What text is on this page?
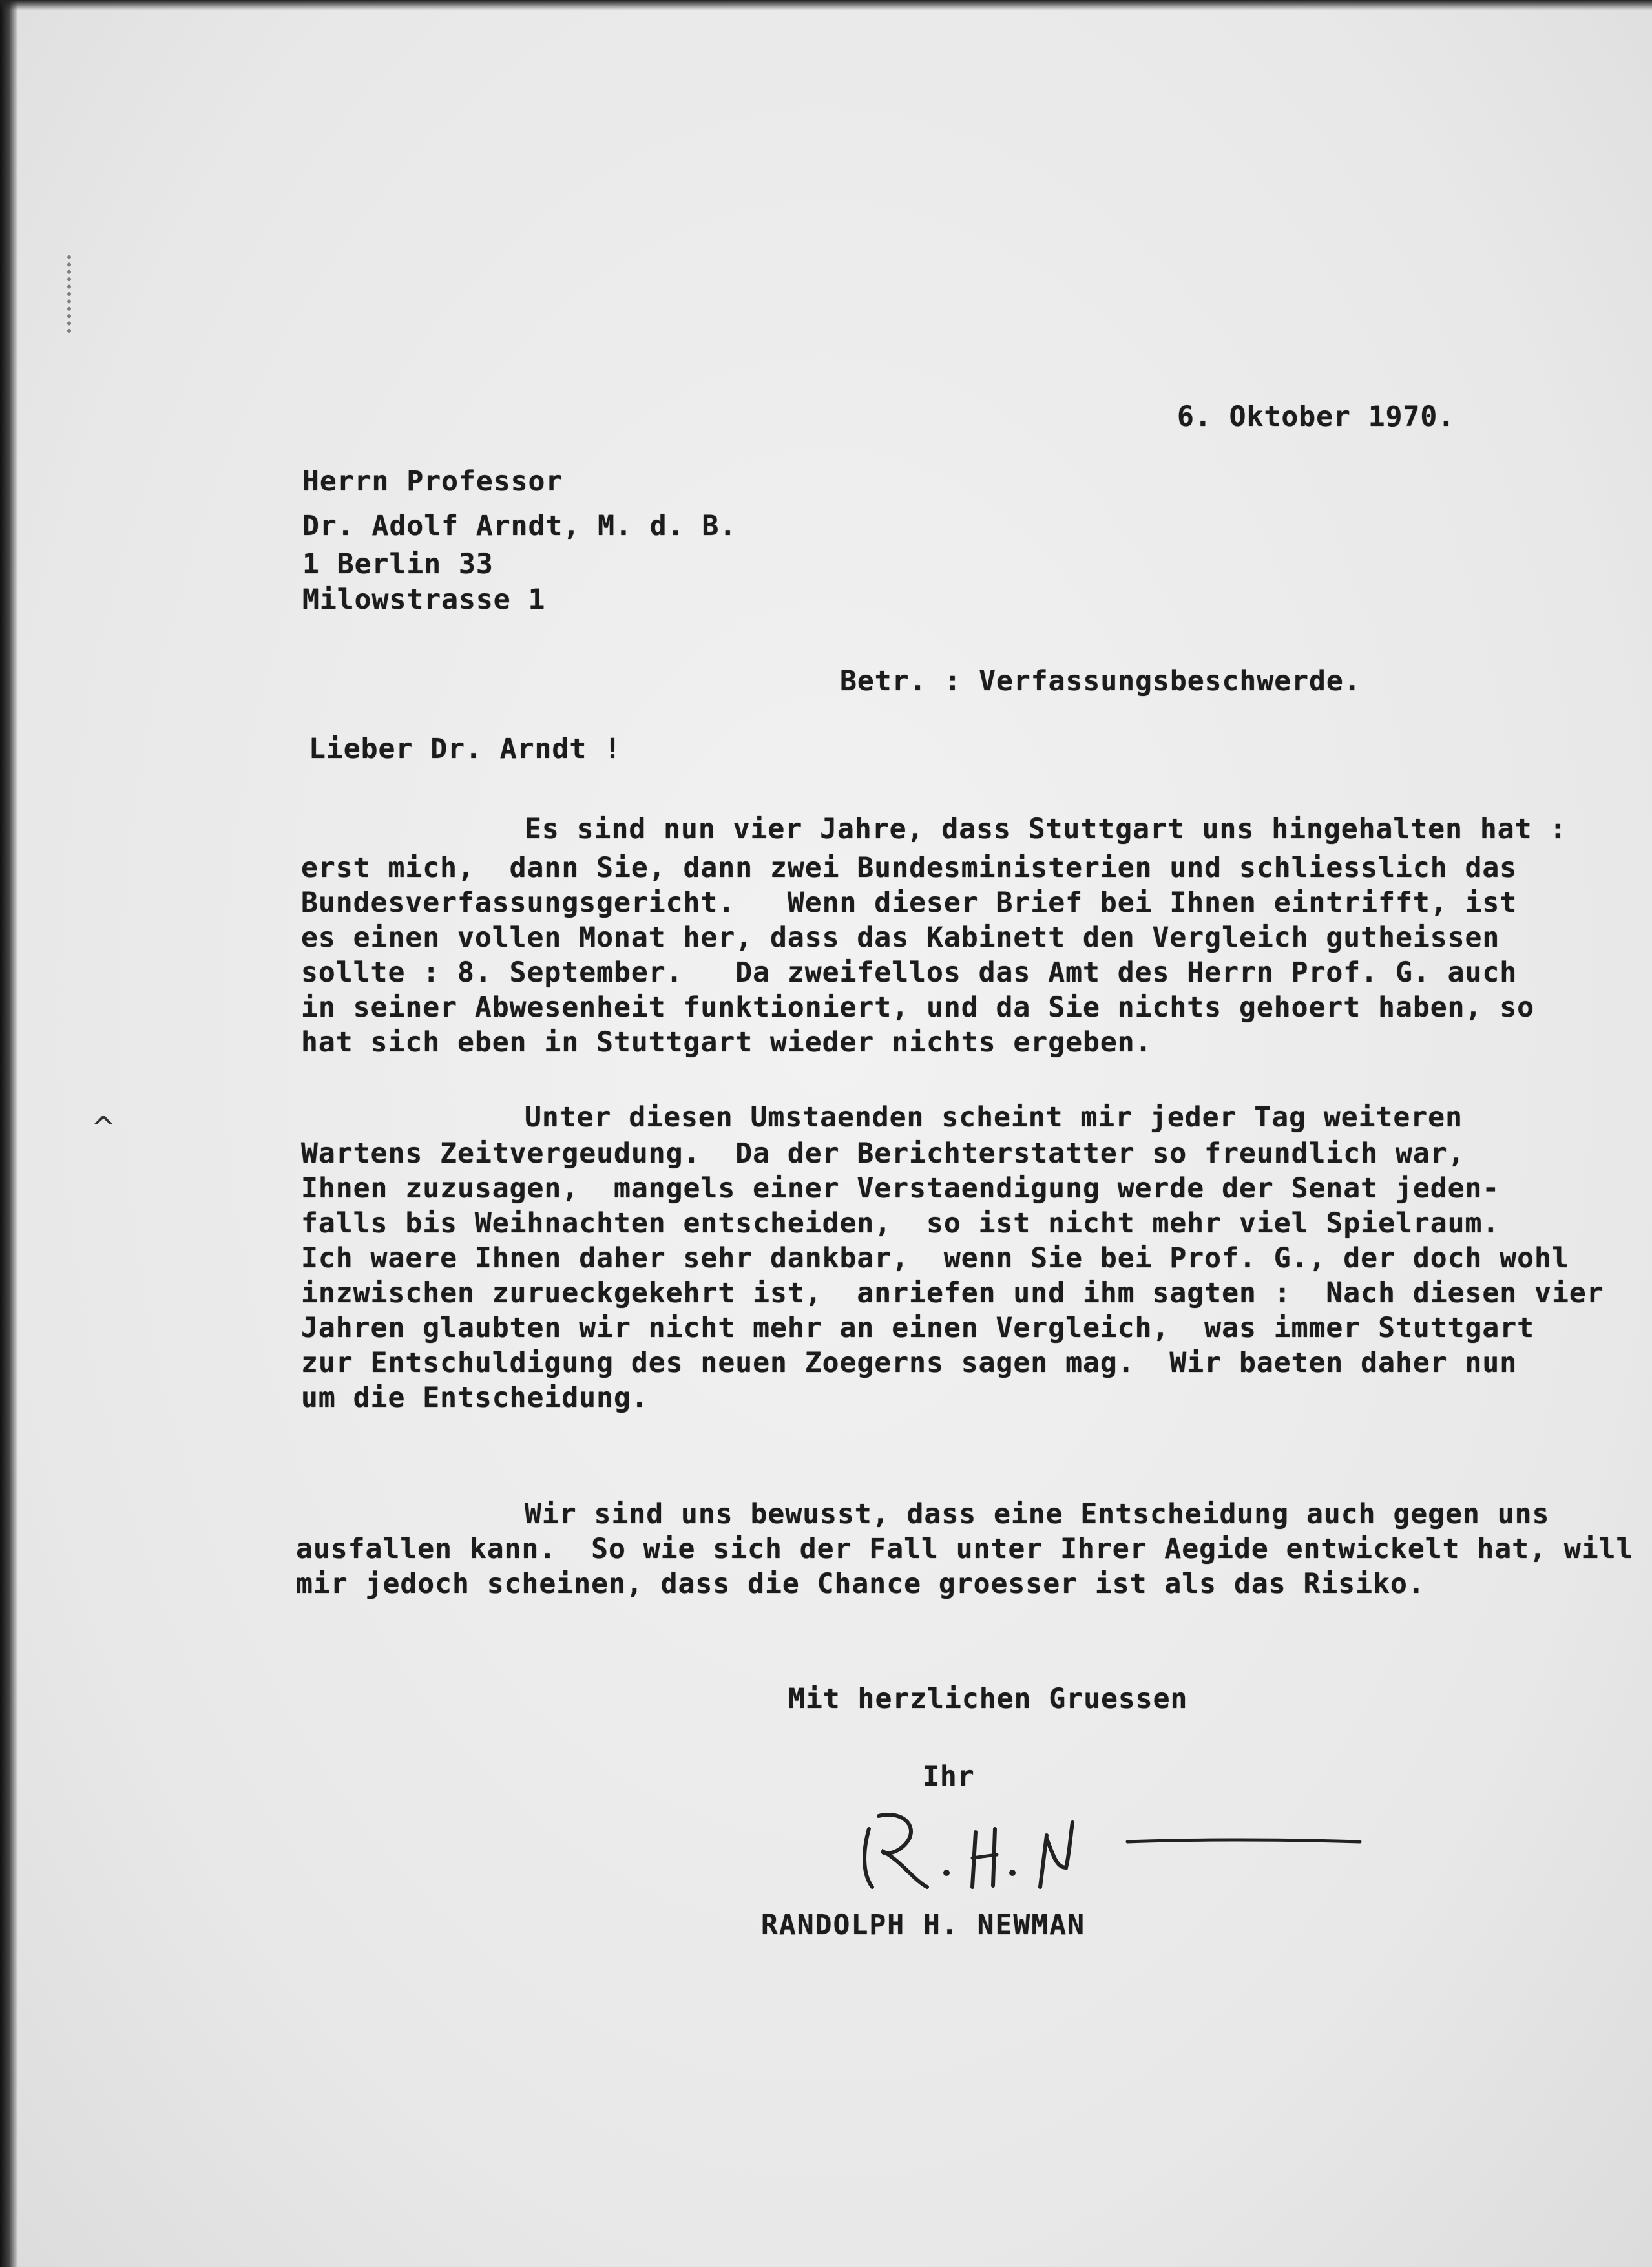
^
6. Oktober 1970.
Herrn Professor
Dr. Adolf Arndt, M. d. B.
1 Berlin 33
Milowstrasse 1
Betr. : Verfassungsbeschwerde.
Lieber Dr. Arndt !
Es sind nun vier Jahre, dass Stuttgart uns hingehalten hat :
erst mich,  dann Sie, dann zwei Bundesministerien und schliesslich das
Bundesverfassungsgericht.   Wenn dieser Brief bei Ihnen eintrifft, ist
es einen vollen Monat her, dass das Kabinett den Vergleich gutheissen
sollte : 8. September.   Da zweifellos das Amt des Herrn Prof. G. auch
in seiner Abwesenheit funktioniert, und da Sie nichts gehoert haben, so
hat sich eben in Stuttgart wieder nichts ergeben.
Unter diesen Umstaenden scheint mir jeder Tag weiteren
Wartens Zeitvergeudung.  Da der Berichterstatter so freundlich war,
Ihnen zuzusagen,  mangels einer Verstaendigung werde der Senat jeden-
falls bis Weihnachten entscheiden,  so ist nicht mehr viel Spielraum.
Ich waere Ihnen daher sehr dankbar,  wenn Sie bei Prof. G., der doch wohl
inzwischen zurueckgekehrt ist,  anriefen und ihm sagten :  Nach diesen vier
Jahren glaubten wir nicht mehr an einen Vergleich,  was immer Stuttgart
zur Entschuldigung des neuen Zoegerns sagen mag.  Wir baeten daher nun
um die Entscheidung.
Wir sind uns bewusst, dass eine Entscheidung auch gegen uns
ausfallen kann.  So wie sich der Fall unter Ihrer Aegide entwickelt hat, will
mir jedoch scheinen, dass die Chance groesser ist als das Risiko.
Mit herzlichen Gruessen
Ihr
RANDOLPH H. NEWMAN
